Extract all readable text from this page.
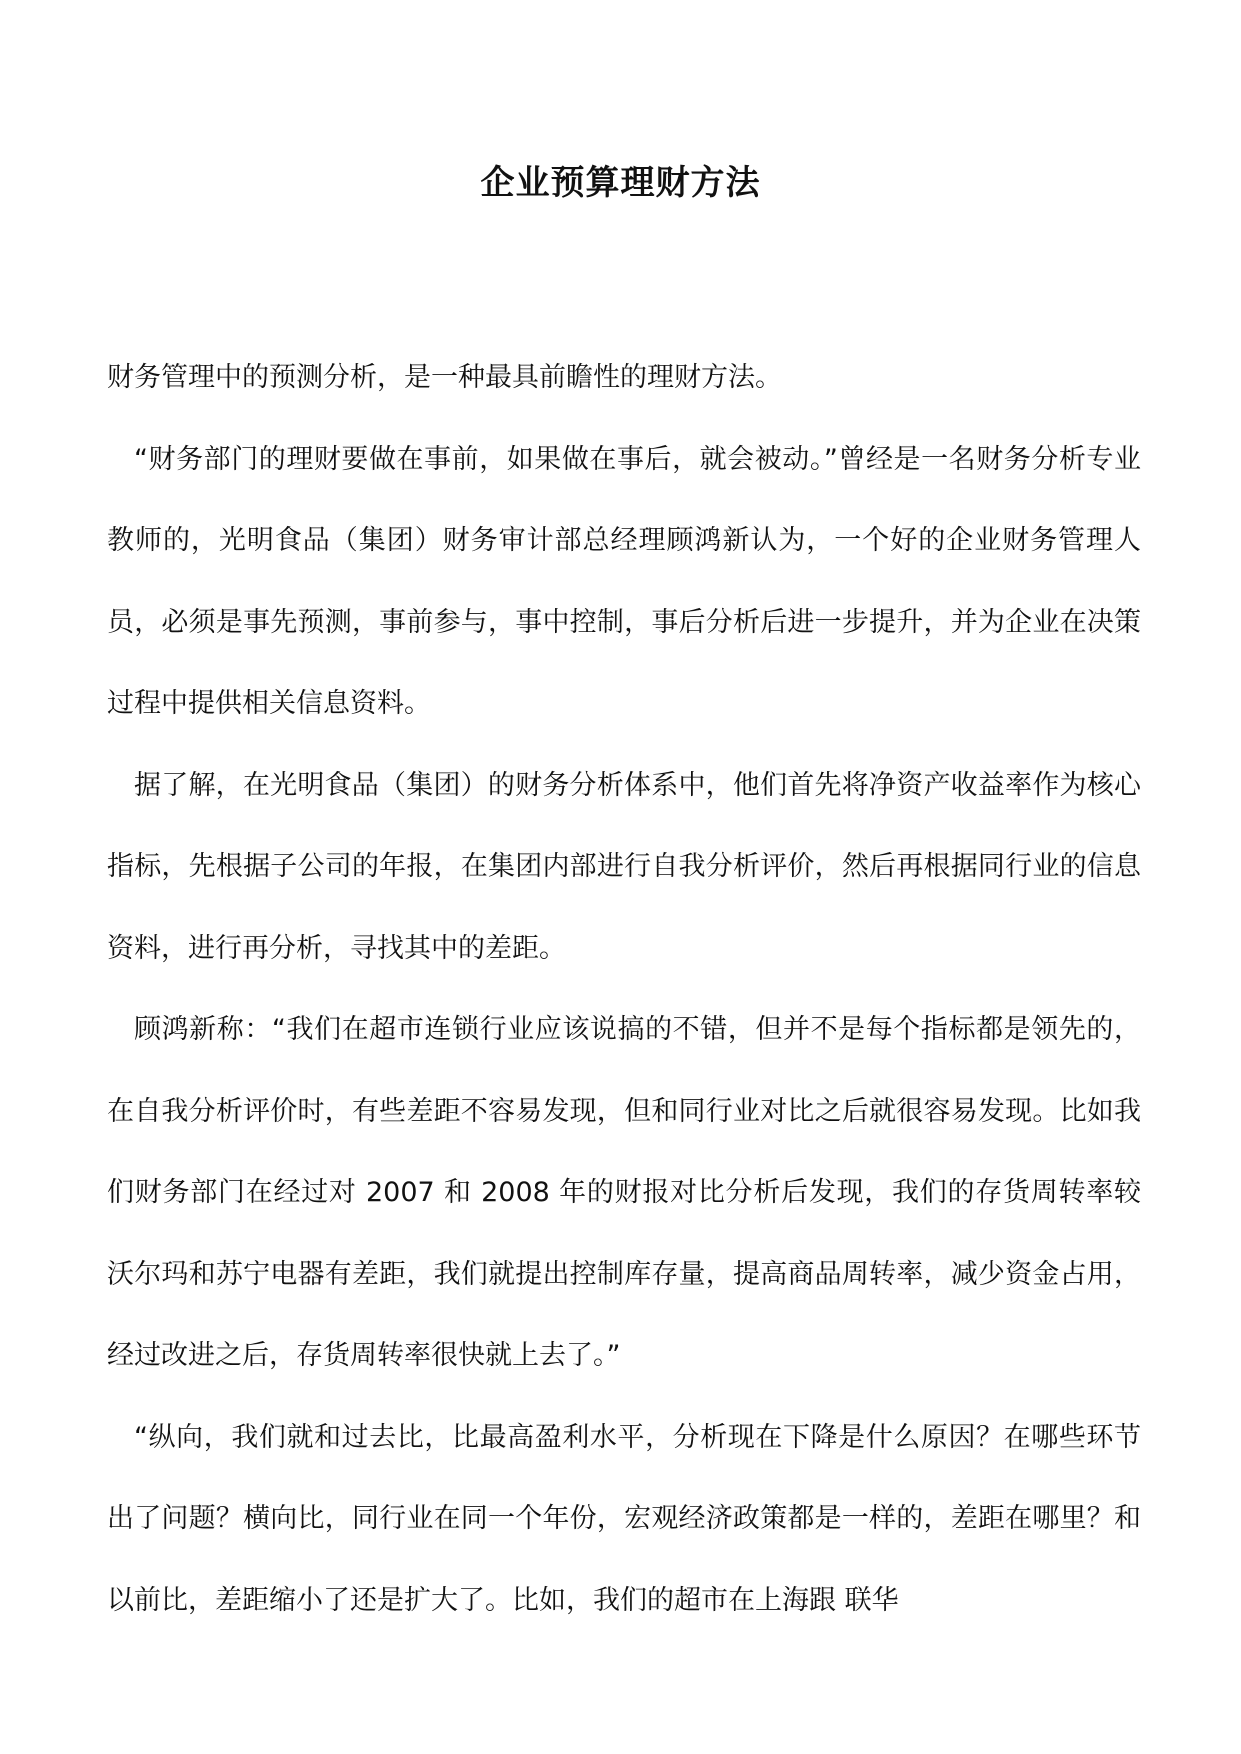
企业预算理财方法

财务管理中的预测分析，是一种最具前瞻性的理财方法。

“财务部门的理财要做在事前，如果做在事后，就会被动。”曾经是一名财务分析专业教师的，光明食品（集团）财务审计部总经理顾鸿新认为，一个好的企业财务管理人员，必须是事先预测，事前参与，事中控制，事后分析后进一步提升，并为企业在决策过程中提供相关信息资料。

据了解，在光明食品（集团）的财务分析体系中，他们首先将净资产收益率作为核心指标，先根据子公司的年报，在集团内部进行自我分析评价，然后再根据同行业的信息资料，进行再分析，寻找其中的差距。

顾鸿新称：“我们在超市连锁行业应该说搞的不错，但并不是每个指标都是领先的，在自我分析评价时，有些差距不容易发现，但和同行业对比之后就很容易发现。比如我们财务部门在经过对 2007 和 2008 年的财报对比分析后发现，我们的存货周转率较沃尔玛和苏宁电器有差距，我们就提出控制库存量，提高商品周转率，减少资金占用，经过改进之后，存货周转率很快就上去了。”

“纵向，我们就和过去比，比最高盈利水平，分析现在下降是什么原因？在哪些环节出了问题？横向比，同行业在同一个年份，宏观经济政策都是一样的，差距在哪里？和以前比，差距缩小了还是扩大了。比如，我们的超市在上海跟 联华
